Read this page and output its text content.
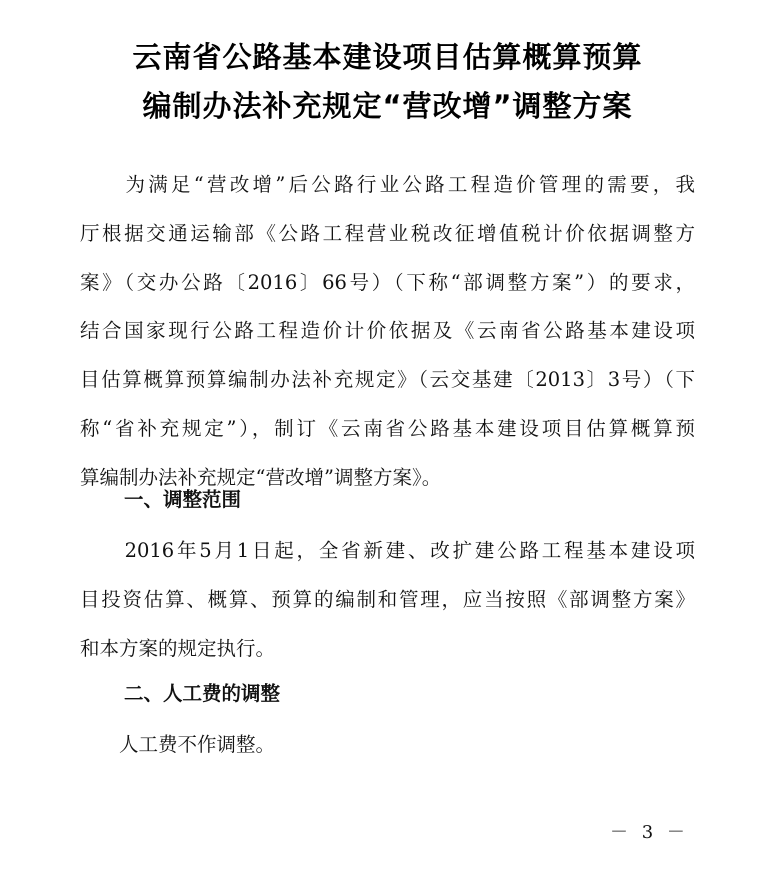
云南省公路基本建设项目估算概算预算
编制办法补充规定“营改增”调整方案

　　为满足“营改增”后公路行业公路工程造价管理的需要，我

厅根据交通运输部《公路工程营业税改征增值税计价依据调整方

案》（交办公路〔2016〕66号）（下称“部调整方案”）的要求，

结合国家现行公路工程造价计价依据及《云南省公路基本建设项

目估算概算预算编制办法补充规定》（云交基建〔2013〕3号）（下

称“省补充规定”），制订《云南省公路基本建设项目估算概算预

算编制办法补充规定“营改增”调整方案》。

一、调整范围

　　2016年5月1日起，全省新建、改扩建公路工程基本建设项

目投资估算、概算、预算的编制和管理，应当按照《部调整方案》

和本方案的规定执行。

二、人工费的调整

　　人工费不作调整。

－ 3 －
